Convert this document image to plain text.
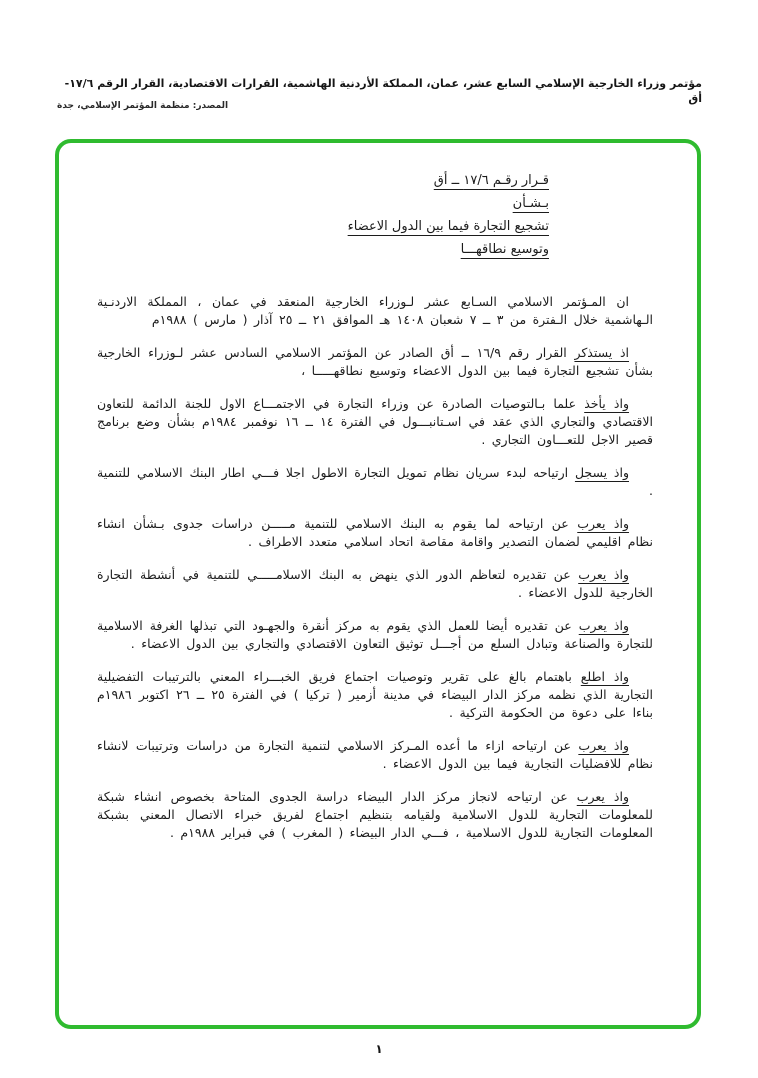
مؤتمر وزراء الخارجية الإسلامي السابع عشر، عمان، المملكة الأردنية الهاشمية، القرارات الاقتصادية، القرار الرقم ١٧/٦-أق
المصدر: منظمة المؤتمر الإسلامي، جدة
قـرار رقـم ١٧/٦ ــ أق
بـشـأن
تشجيع التجارة فيما بين الدول الاعضاء
وتوسيع نطاقهـــا

ان المـؤتمر الاسلامي السـابع عشر لـوزراء الخارجية المنعقد في عمان ، المملكة الاردنـية الـهاشمية خلال الـفترة من ٣ ــ ٧ شعبان ١٤٠٨ هـ الموافق ٢١ ــ ٢٥ آذار ( مارس ) ١٩٨٨م

اذ يستذكر القرار رقم ١٦/٩ ــ أق الصادر عن المؤتمر الاسلامي السادس عشر لـوزراء الخارجية بشأن تشجيع التجارة فيما بين الدول الاعضاء وتوسيع نطاقهـــــا ،

واذ يأخذ علما بـالتوصيات الصادرة عن وزراء التجارة في الاجتمـــاع الاول للجنة الدائمة للتعاون الاقتصادي والتجاري الذي عقد في اسـتانبـــول في الفترة ١٤ ــ ١٦ نوفمبر ١٩٨٤م بشأن وضع برنامج قصير الاجل للتعـــاون التجاري .

واذ يسجل ارتياحه لبدء سريان نظام تمويل التجارة الاطول اجلا فـــي اطار البنك الاسلامي للتنمية .

واذ يعرب عن ارتياحه لما يقوم به البنك الاسلامي للتنمية مـــــن دراسات جدوى بـشأن انشاء نظام اقليمي لضمان التصدير واقامة مقاصة اتحاد اسلامي متعدد الاطراف .

واذ يعرب عن تقديره لتعاظم الدور الذي ينهض به البنك الاسلامـــــي للتنمية في أنشطة التجارة الخارجية للدول الاعضاء .

واذ يعرب عن تقديره أيضا للعمل الذي يقوم به مركز أنقرة والجهـود التي تبذلها الغرفة الاسلامية للتجارة والصناعة وتبادل السلع من أجـــل توثيق التعاون الاقتصادي والتجاري بين الدول الاعضاء .

واذ اطلع باهتمام بالغ على تقرير وتوصيات اجتماع فريق الخبـــراء المعني بالترتيبات التفضيلية التجارية الذي نظمه مركز الدار البيضاء في مدينة أزمير ( تركيا ) في الفترة ٢٥ ــ ٢٦ اكتوبر ١٩٨٦م بناءا على دعوة من الحكومة التركية .

واذ يعرب عن ارتياحه ازاء ما أعده المـركز الاسلامي لتنمية التجارة من دراسات وترتيبات لانشاء نظام للافضليات التجارية فيما بين الدول الاعضاء .

واذ يعرب عن ارتياحه لانجاز مركز الدار البيضاء دراسة الجدوى المتاحة بخصوص انشاء شبكة للمعلومات التجارية للدول الاسلامية ولقيامه بتنظيم اجتماع لفريق خبراء الاتصال المعني بشبكة المعلومات التجارية للدول الاسلامية ، فـــي الدار البيضاء ( المغرب ) في فبراير ١٩٨٨م .

١
